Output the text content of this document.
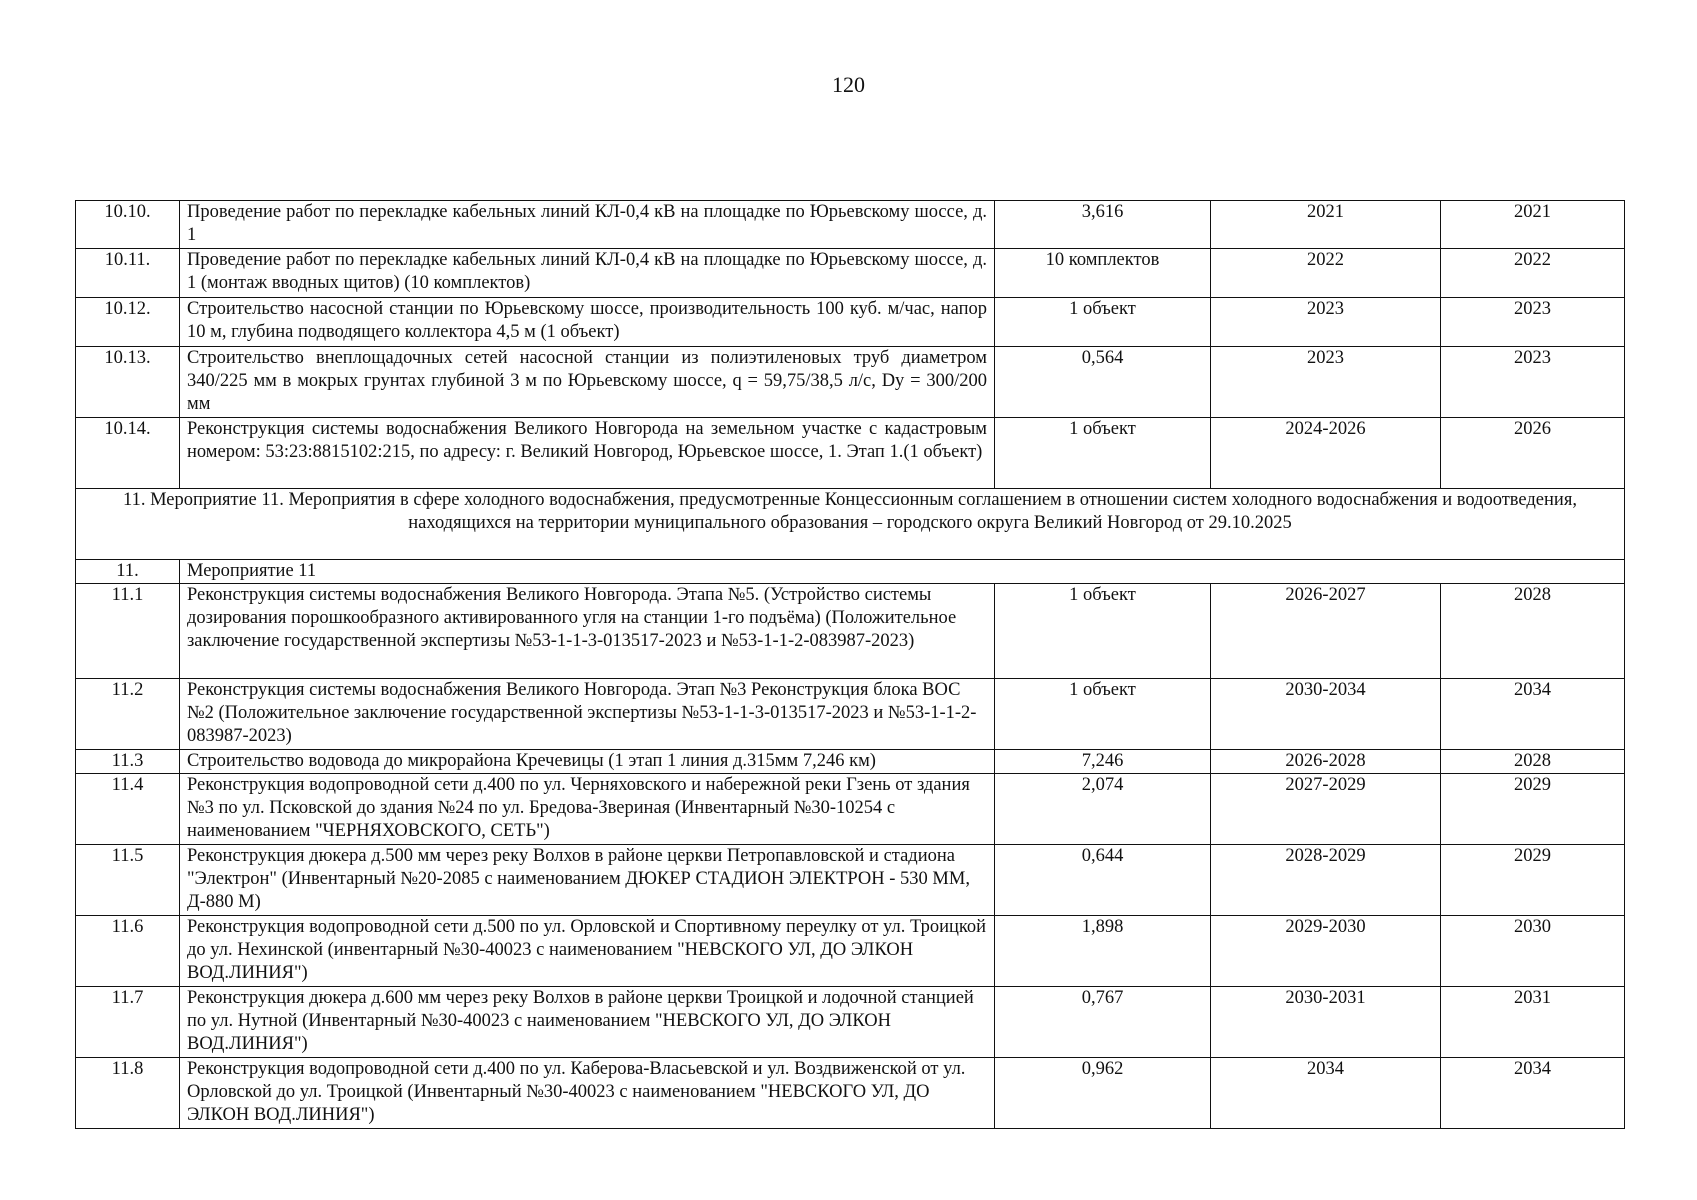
120
10.10.	Проведение работ по перекладке кабельных линий КЛ-0,4 кВ на площадке по Юрьевскому шоссе, д. 1	3,616	2021	2021
10.11.	Проведение работ по перекладке кабельных линий КЛ-0,4 кВ на площадке по Юрьевскому шоссе, д. 1 (монтаж вводных щитов) (10 комплектов)	10 комплектов	2022	2022
10.12.	Строительство насосной станции по Юрьевскому шоссе, производительность 100 куб. м/час, напор 10 м, глубина подводящего коллектора 4,5 м (1 объект)	1 объект	2023	2023
10.13.	Строительство внеплощадочных сетей насосной станции из полиэтиленовых труб диаметром 340/225 мм в мокрых грунтах глубиной 3 м по Юрьевскому шоссе, q = 59,75/38,5 л/с, Dу = 300/200 мм	0,564	2023	2023
10.14.	Реконструкция системы водоснабжения Великого Новгорода на земельном участке с кадастровым номером: 53:23:8815102:215, по адресу: г. Великий Новгород, Юрьевское шоссе, 1. Этап 1.(1 объект)	1 объект	2024-2026	2026
11. Мероприятие 11. Мероприятия в сфере холодного водоснабжения, предусмотренные Концессионным соглашением в отношении систем холодного водоснабжения и водоотведения, находящихся на территории муниципального образования – городского округа Великий Новгород от 29.10.2025				
11.	Мероприятие 11			
11.1	Реконструкция системы водоснабжения Великого Новгорода. Этапа №5. (Устройство системы дозирования порошкообразного активированного угля на станции 1-го подъёма) (Положительное заключение государственной экспертизы №53-1-1-3-013517-2023 и №53-1-1-2-083987-2023)	1 объект	2026-2027	2028
11.2	Реконструкция системы водоснабжения Великого Новгорода. Этап №3 Реконструкция блока ВОС №2 (Положительное заключение государственной экспертизы №53-1-1-3-013517-2023 и №53-1-1-2-083987-2023)	1 объект	2030-2034	2034
11.3	Строительство водовода до микрорайона Кречевицы (1 этап 1 линия д.315мм 7,246 км)	7,246	2026-2028	2028
11.4	Реконструкция водопроводной сети д.400 по ул. Черняховского и набережной реки Гзень от здания №3 по ул. Псковской до здания №24 по ул. Бредова-Звериная (Инвентарный №30-10254 с наименованием "ЧЕРНЯХОВСКОГО, СЕТЬ")	2,074	2027-2029	2029
11.5	Реконструкция дюкера д.500 мм через реку Волхов в районе церкви Петропавловской и стадиона "Электрон" (Инвентарный №20-2085 с наименованием ДЮКЕР СТАДИОН ЭЛЕКТРОН - 530 ММ, Д-880 М)	0,644	2028-2029	2029
11.6	Реконструкция водопроводной сети д.500 по ул. Орловской и Спортивному переулку от ул. Троицкой до ул. Нехинской (инвентарный №30-40023 с наименованием "НЕВСКОГО УЛ, ДО ЭЛКОН ВОД.ЛИНИЯ")	1,898	2029-2030	2030
11.7	Реконструкция дюкера д.600 мм через реку Волхов в районе церкви Троицкой и лодочной станцией по ул. Нутной (Инвентарный №30-40023 с наименованием "НЕВСКОГО УЛ, ДО ЭЛКОН ВОД.ЛИНИЯ")	0,767	2030-2031	2031
11.8	Реконструкция водопроводной сети д.400 по ул. Каберова-Власьевской и ул. Воздвиженской от ул. Орловской до ул. Троицкой (Инвентарный №30-40023 с наименованием "НЕВСКОГО УЛ, ДО ЭЛКОН ВОД.ЛИНИЯ")	0,962	2034	2034
